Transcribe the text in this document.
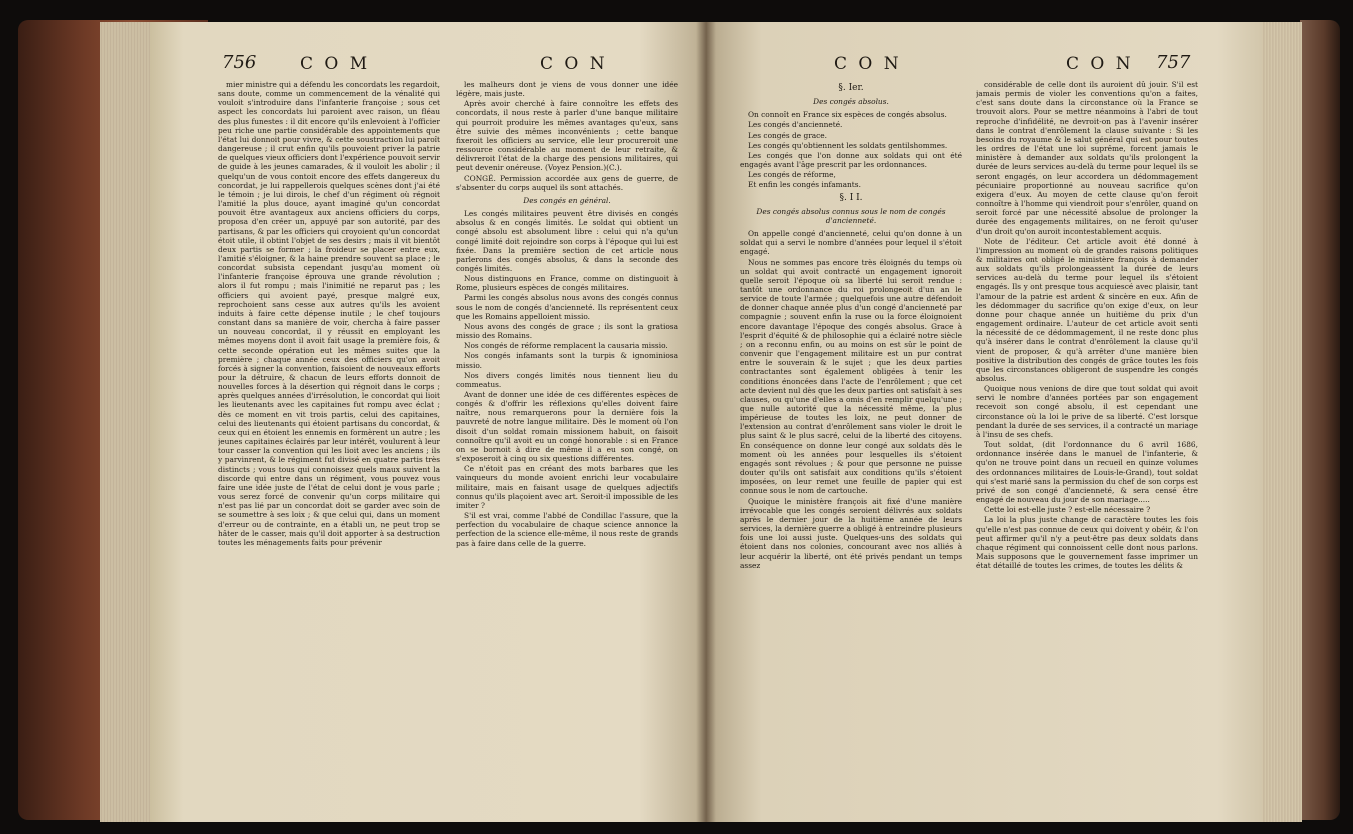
756	C O M	C O N

mier ministre qui a défendu les concordats les regardoit, sans doute, comme un commencement de la vénalité qui vouloit s'introduire dans l'infanterie françoise ; sous cet aspect les concordats lui paroient avec raison, un fléau des plus funestes : il dit encore qu'ils enlevoient à l'officier peu riche une partie considérable des appointements que l'état lui donnoit pour vivre, & cette soustraction lui paroît dangereuse ; il crut enfin qu'ils pouvoient priver la patrie de quelques vieux officiers dont l'expérience pouvoit servir de guide à les jeunes camarades, & il vouloit les abolir ; il quelqu'un de vous contoit encore des effets dangereux du concordat, je lui rappellerois quelques scènes dont j'ai été le témoin ; je lui dirois, le chef d'un régiment où régnoit l'amitié la plus douce, ayant imaginé qu'un concordat pouvoit être avantageux aux anciens officiers du corps, proposa d'en créer un, appuyé par son autorité, par des partisans, & par les officiers qui croyoient qu'un concordat étoit utile, il obtint l'objet de ses desirs ; mais il vit bientôt deux partis se former ; la froideur se placer entre eux, l'amitié s'éloigner, & la haine prendre souvent sa place ; le concordat subsista cependant jusqu'au moment où l'infanterie françoise éprouva une grande révolution ; alors il fut rompu ; mais l'inimitié ne reparut pas ; les officiers qui avoient payé, presque malgré eux, reprochoient sans cesse aux autres qu'ils les avoient induits à faire cette dépense inutile ; le chef toujours constant dans sa manière de voir, chercha à faire passer un nouveau concordat, il y réussit en employant les mêmes moyens dont il avoit fait usage la première fois, & cette seconde opération eut les mêmes suites que la première ; chaque année ceux des officiers qu'on avoit forcés à signer la convention, faisoient de nouveaux efforts pour la détruire, & chacun de leurs efforts donnoit de nouvelles forces à la désertion qui régnoit dans le corps ; après quelques années d'irrésolution, le concordat qui lioit les lieutenants avec les capitaines fut rompu avec éclat ; dès ce moment en vit trois partis, celui des capitaines, celui des lieutenants qui étoient partisans du concordat, & ceux qui en étoient les ennemis en formèrent un autre ; les jeunes capitaines éclairés par leur intérêt, voulurent à leur tour casser la convention qui les lioit avec les anciens ; ils y parvinrent, & le régiment fut divisé en quatre partis très distincts ; vous tous qui connoissez quels maux suivent la discorde qui entre dans un régiment, vous pouvez vous faire une idée juste de l'état de celui dont je vous parle ; vous serez forcé de convenir qu'un corps militaire qui n'est pas lié par un concordat doit se garder avec soin de se soumettre à ses loix ; & que celui qui, dans un moment d'erreur ou de contrainte, en a établi un, ne peut trop se hâter de le casser, mais qu'il doit apporter à sa destruction toutes les ménagements faits pour prévenir

les malheurs dont je viens de vous donner une idée légère, mais juste.

Après avoir cherché à faire connoître les effets des concordats, il nous reste à parler d'une banque militaire qui pourroit produire les mêmes avantages qu'eux, sans être suivie des mêmes inconvénients ; cette banque fixeroit les officiers au service, elle leur procureroit une ressource considérable au moment de leur retraite, & délivreroit l'état de la charge des pensions militaires, qui peut devenir onéreuse. (Voyez Pension.)(C.).

CONGÉ. Permission accordée aux gens de guerre, de s'absenter du corps auquel ils sont attachés.

Des congés en général.

Les congés militaires peuvent être divisés en congés absolus & en congés limités. Le soldat qui obtient un congé absolu est absolument libre : celui qui n'a qu'un congé limité doit rejoindre son corps à l'époque qui lui est fixée. Dans la première section de cet article nous parlerons des congés absolus, & dans la seconde des congés limités.

Nous distinguons en France, comme on distinguoit à Rome, plusieurs espèces de congés militaires.

Parmi les congés absolus nous avons des congés connus sous le nom de congés d'ancienneté. Ils représentent ceux que les Romains appelloient missio.

Nous avons des congés de grace ; ils sont la gratiosa missio des Romains.

Nos congés de réforme remplacent la causaria missio.

Nos congés infamants sont la turpis & ignominiosa missio.

Nos divers congés limités nous tiennent lieu du commeatus.

Avant de donner une idée de ces différentes espèces de congés & d'offrir les réflexions qu'elles doivent faire naître, nous remarquerons pour la dernière fois la pauvreté de notre langue militaire. Dès le moment où l'on disoit d'un soldat romain missionem habuit, on faisoit connoître qu'il avoit eu un congé honorable : si en France on se bornoit à dire de même il a eu son congé, on s'exposeroit à cinq ou six questions différentes.

Ce n'étoit pas en créant des mots barbares que les vainqueurs du monde avoient enrichi leur vocabulaire militaire, mais en faisant usage de quelques adjectifs connus qu'ils plaçoient avec art. Seroit-il impossible de les imiter ?

S'il est vrai, comme l'abbé de Condillac l'assure, que la perfection du vocabulaire de chaque science annonce la perfection de la science elle-même, il nous reste de grands pas à faire dans celle de la guerre.

C O N	C O N 757

§. Ier.

Des congés absolus.

On connoît en France six espèces de congés absolus.

Les congés d'ancienneté.

Les congés de grace.

Les congés qu'obtiennent les soldats gentilshommes.

Les congés que l'on donne aux soldats qui ont été engagés avant l'âge prescrit par les ordonnances.

Les congés de réforme,

Et enfin les congés infamants.

§. I I.

Des congés absolus connus sous le nom de congés d'ancienneté.

On appelle congé d'ancienneté, celui qu'on donne à un soldat qui a servi le nombre d'années pour lequel il s'étoit engagé.

Nous ne sommes pas encore très éloignés du temps où un soldat qui avoit contracté un engagement ignoroit quelle seroit l'époque où sa liberté lui seroit rendue : tantôt une ordonnance du roi prolongeoit d'un an le service de toute l'armée ; quelquefois une autre défendoit de donner chaque année plus d'un congé d'ancienneté par compagnie ; souvent enfin la ruse ou la force éloignoient encore davantage l'époque des congés absolus. Grace à l'esprit d'équité & de philosophie qui a éclairé notre siècle ; on a reconnu enfin, ou au moins on est sûr le point de convenir que l'engagement militaire est un pur contrat entre le souverain & le sujet ; que les deux parties contractantes sont également obligées à tenir les conditions énoncées dans l'acte de l'enrôlement ; que cet acte devient nul dès que les deux parties ont satisfait à ses clauses, ou qu'une d'elles a omis d'en remplir quelqu'une ; que nulle autorité que la nécessité même, la plus impérieuse de toutes les loix, ne peut donner de l'extension au contrat d'enrôlement sans violer le droit le plus saint & le plus sacré, celui de la liberté des citoyens. En conséquence on donne leur congé aux soldats dès le moment où les années pour lesquelles ils s'étoient engagés sont révolues ; & pour que personne ne puisse douter qu'ils ont satisfait aux conditions qu'ils s'étoient imposées, on leur remet une feuille de papier qui est connue sous le nom de cartouche.

Quoique le ministère françois ait fixé d'une manière irrévocable que les congés seroient délivrés aux soldats après le dernier jour de la huitième année de leurs services, la dernière guerre a obligé à entreindre plusieurs fois une loi aussi juste. Quelques-uns des soldats qui étoient dans nos colonies, concourant avec nos alliés à leur acquérir la liberté, ont été privés pendant un temps assez

considérable de celle dont ils auroient dû jouir. S'il est jamais permis de violer les conventions qu'on a faites, c'est sans doute dans la circonstance où la France se trouvoit alors. Pour se mettre néanmoins à l'abri de tout reproche d'infidélité, ne devroit-on pas à l'avenir insérer dans le contrat d'enrôlement la clause suivante : Si les besoins du royaume & le salut général qui est pour toutes les ordres de l'état une loi suprême, forcent jamais le ministère à demander aux soldats qu'ils prolongent la durée de leurs services au-delà du terme pour lequel ils se seront engagés, on leur accordera un dédommagement pécuniaire proportionné au nouveau sacrifice qu'on exigera d'eux. Au moyen de cette clause qu'on feroit connoître à l'homme qui viendroit pour s'enrôler, quand on seroit forcé par une nécessité absolue de prolonger la durée des engagements militaires, on ne feroit qu'user d'un droit qu'on auroit incontestablement acquis.

Note de l'éditeur. Cet article avoit été donné à l'impression au moment où de grandes raisons politiques & militaires ont obligé le ministère françois à demander aux soldats qu'ils prolongeassent la durée de leurs services au-delà du terme pour lequel ils s'étoient engagés. Ils y ont presque tous acquiescé avec plaisir, tant l'amour de la patrie est ardent & sincère en eux. Afin de les dédommager du sacrifice qu'on exige d'eux, on leur donne pour chaque année un huitième du prix d'un engagement ordinaire. L'auteur de cet article avoit senti la nécessité de ce dédommagement, il ne reste donc plus qu'à insérer dans le contrat d'enrôlement la clause qu'il vient de proposer, & qu'à arrêter d'une manière bien positive la distribution des congés de grâce toutes les fois que les circonstances obligeront de suspendre les congés absolus.

Quoique nous venions de dire que tout soldat qui avoit servi le nombre d'années portées par son engagement recevoit son congé absolu, il est cependant une circonstance où la loi le prive de sa liberté. C'est lorsque pendant la durée de ses services, il a contracté un mariage à l'insu de ses chefs.

Tout soldat, (dit l'ordonnance du 6 avril 1686, ordonnance insérée dans le manuel de l'infanterie, & qu'on ne trouve point dans un recueil en quinze volumes des ordonnances militaires de Louis-le-Grand), tout soldat qui s'est marié sans la permission du chef de son corps est privé de son congé d'ancienneté, & sera censé être engagé de nouveau du jour de son mariage.....

Cette loi est-elle juste ? est-elle nécessaire ?

La loi la plus juste change de caractère toutes les fois qu'elle n'est pas connue de ceux qui doivent y obéir, & l'on peut affirmer qu'il n'y a peut-être pas deux soldats dans chaque régiment qui connoissent celle dont nous parlons. Mais supposons que le gouvernement fasse imprimer un état détaillé de toutes les crimes, de toutes les délits &
